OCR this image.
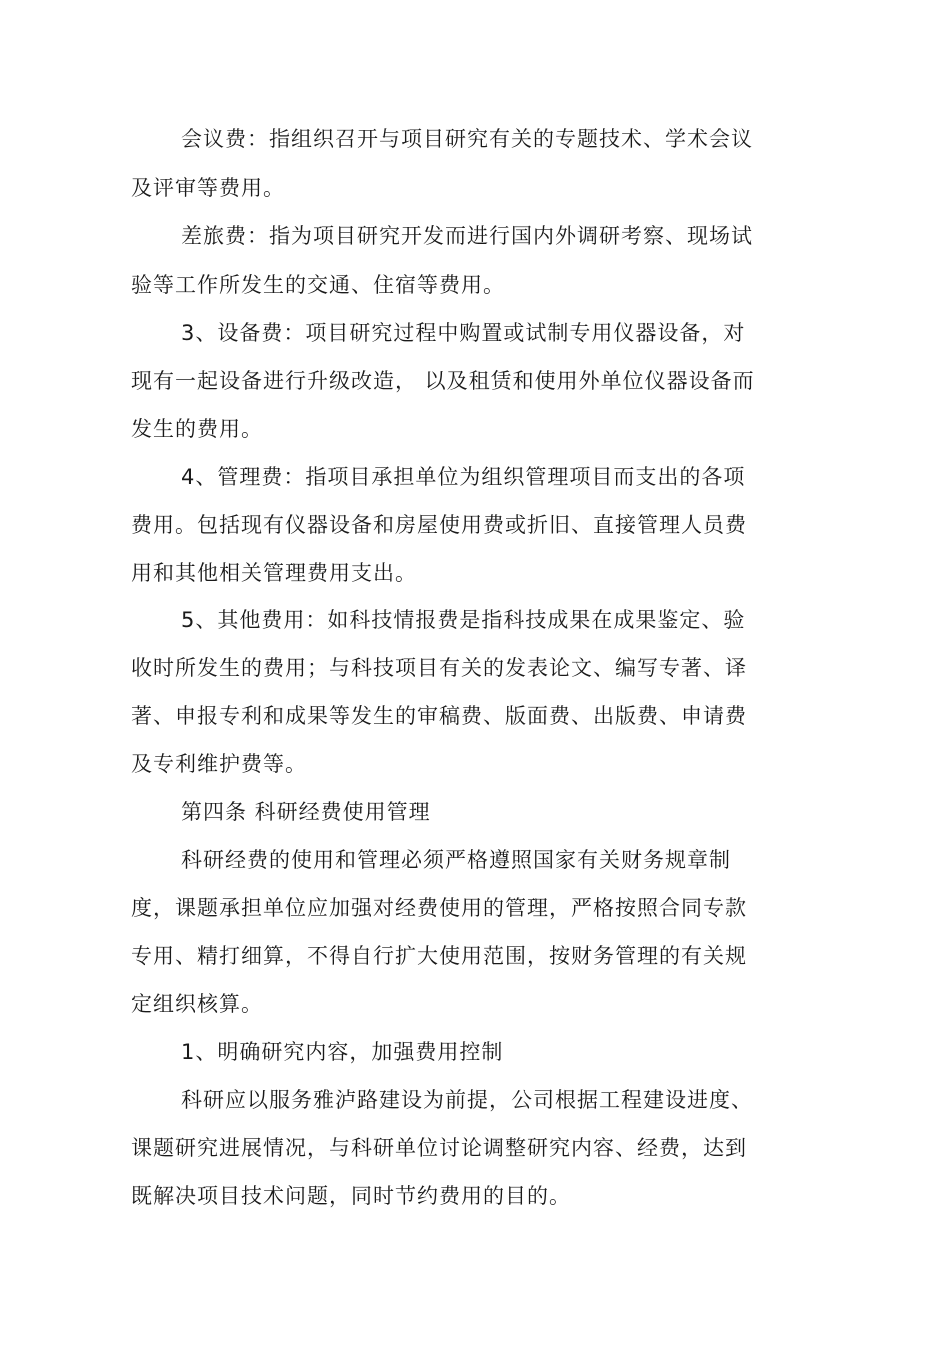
会议费：指组织召开与项目研究有关的专题技术、学术会议
及评审等费用。
差旅费：指为项目研究开发而进行国内外调研考察、现场试
验等工作所发生的交通、住宿等费用。
3、设备费：项目研究过程中购置或试制专用仪器设备，对
现有一起设备进行升级改造， 以及租赁和使用外单位仪器设备而
发生的费用。
4、管理费：指项目承担单位为组织管理项目而支出的各项
费用。包括现有仪器设备和房屋使用费或折旧、直接管理人员费
用和其他相关管理费用支出。
5、其他费用：如科技情报费是指科技成果在成果鉴定、验
收时所发生的费用；与科技项目有关的发表论文、编写专著、译
著、申报专利和成果等发生的审稿费、版面费、出版费、申请费
及专利维护费等。
第四条 科研经费使用管理
科研经费的使用和管理必须严格遵照国家有关财务规章制
度，课题承担单位应加强对经费使用的管理，严格按照合同专款
专用、精打细算，不得自行扩大使用范围，按财务管理的有关规
定组织核算。
1、明确研究内容，加强费用控制
科研应以服务雅泸路建设为前提，公司根据工程建设进度、
课题研究进展情况，与科研单位讨论调整研究内容、经费，达到
既解决项目技术问题，同时节约费用的目的。
